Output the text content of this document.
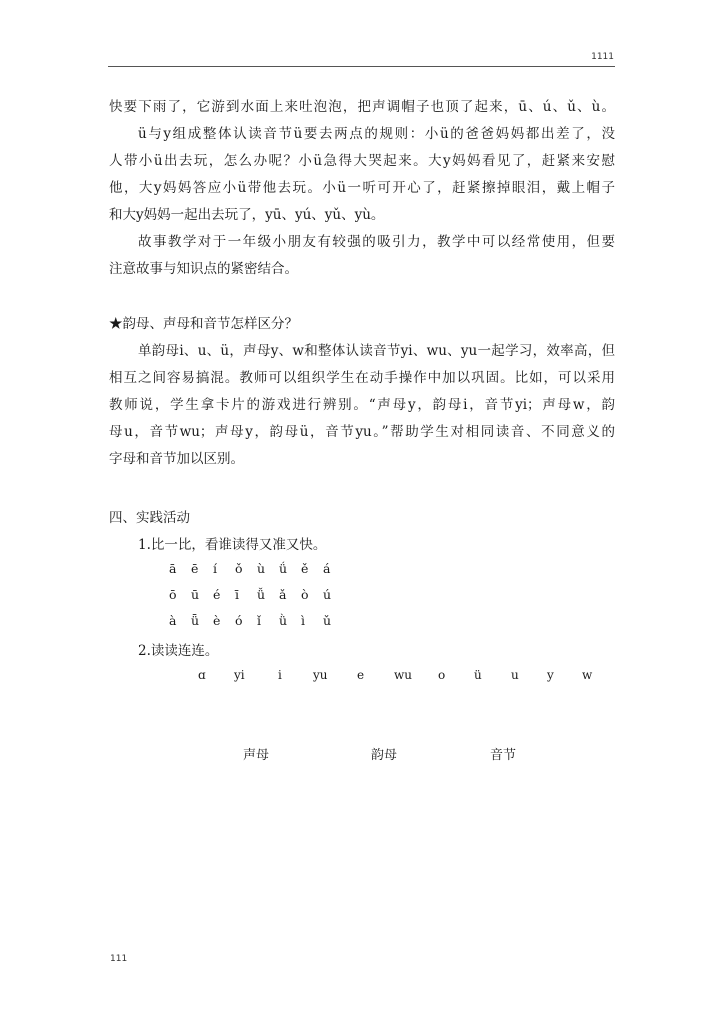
1111
快要下雨了，它游到水面上来吐泡泡，把声调帽子也顶了起来，ū、ú、ǔ、ù。
ü与y组成整体认读音节ü要去两点的规则：小ü的爸爸妈妈都出差了，没
人带小ü出去玩，怎么办呢？小ü急得大哭起来。大y妈妈看见了，赶紧来安慰
他，大y妈妈答应小ü带他去玩。小ü一听可开心了，赶紧擦掉眼泪，戴上帽子
和大y妈妈一起出去玩了，yū、yú、yǔ、yù。
故事教学对于一年级小朋友有较强的吸引力，教学中可以经常使用，但要
注意故事与知识点的紧密结合。
★韵母、声母和音节怎样区分？
单韵母i、u、ü，声母y、w和整体认读音节yi、wu、yu一起学习，效率高，但
相互之间容易搞混。教师可以组织学生在动手操作中加以巩固。比如，可以采用
教师说，学生拿卡片的游戏进行辨别。“声母y，韵母i，音节yi；声母w，韵
母u，音节wu；声母y，韵母ü，音节yu。”帮助学生对相同读音、不同意义的
字母和音节加以区别。
四、实践活动
1.比一比，看谁读得又准又快。
ā ē í ǒ ù ǘ ě á
ō ū é ī ǚ ǎ ò ú
à ǖ è ó ǐ ǜ ì ǔ
2.读读连连。
ɑ yi	i	yu e wu o ü u y w
声母	韵母	音节
111
